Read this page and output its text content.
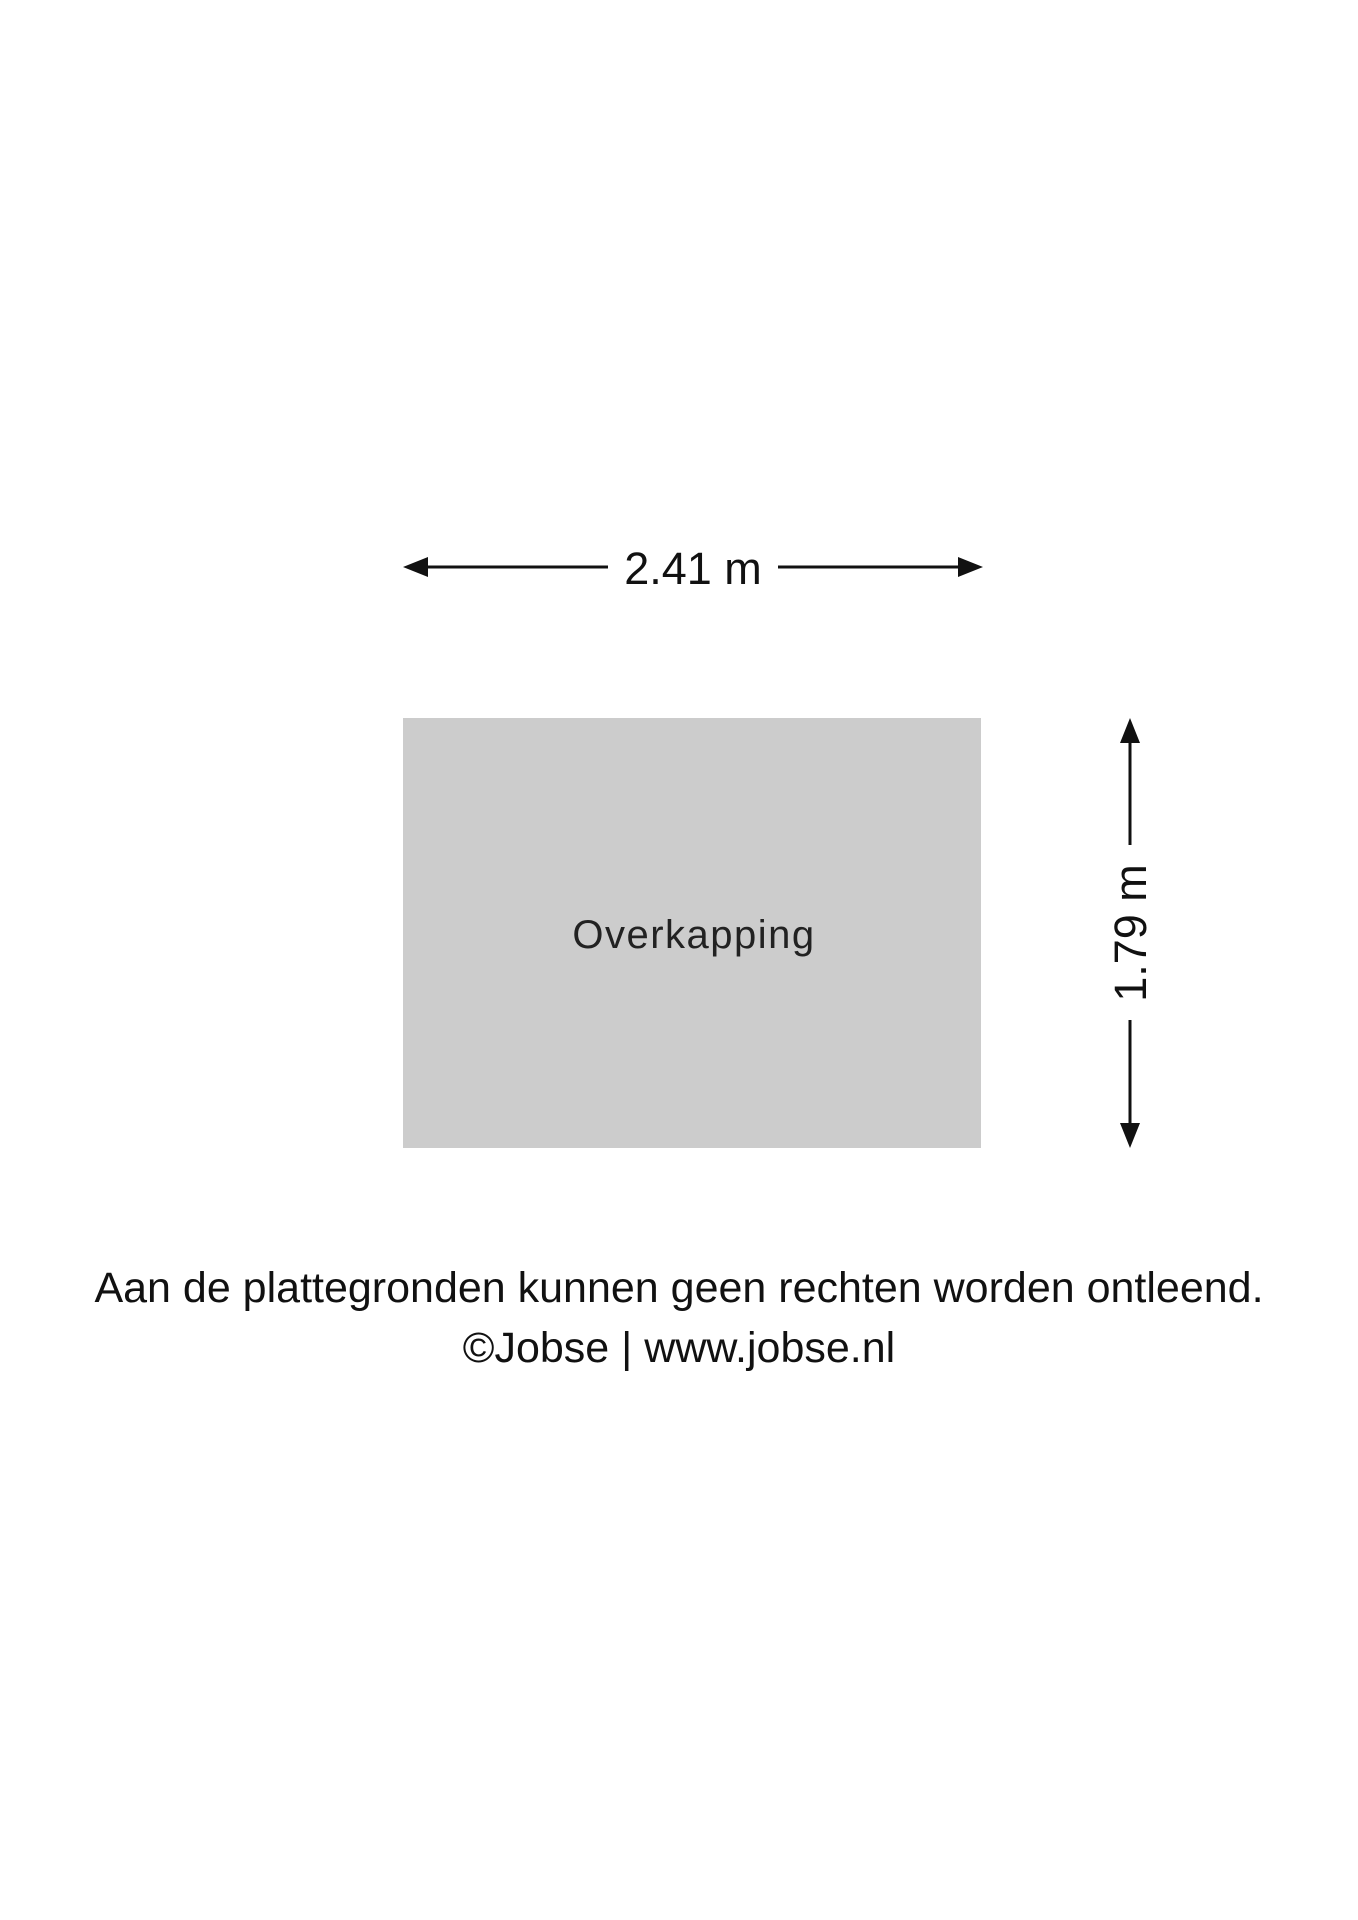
Overkapping
2.41 m
1.79 m
Aan de plattegronden kunnen geen rechten worden ontleend.
©Jobse | www.jobse.nl
